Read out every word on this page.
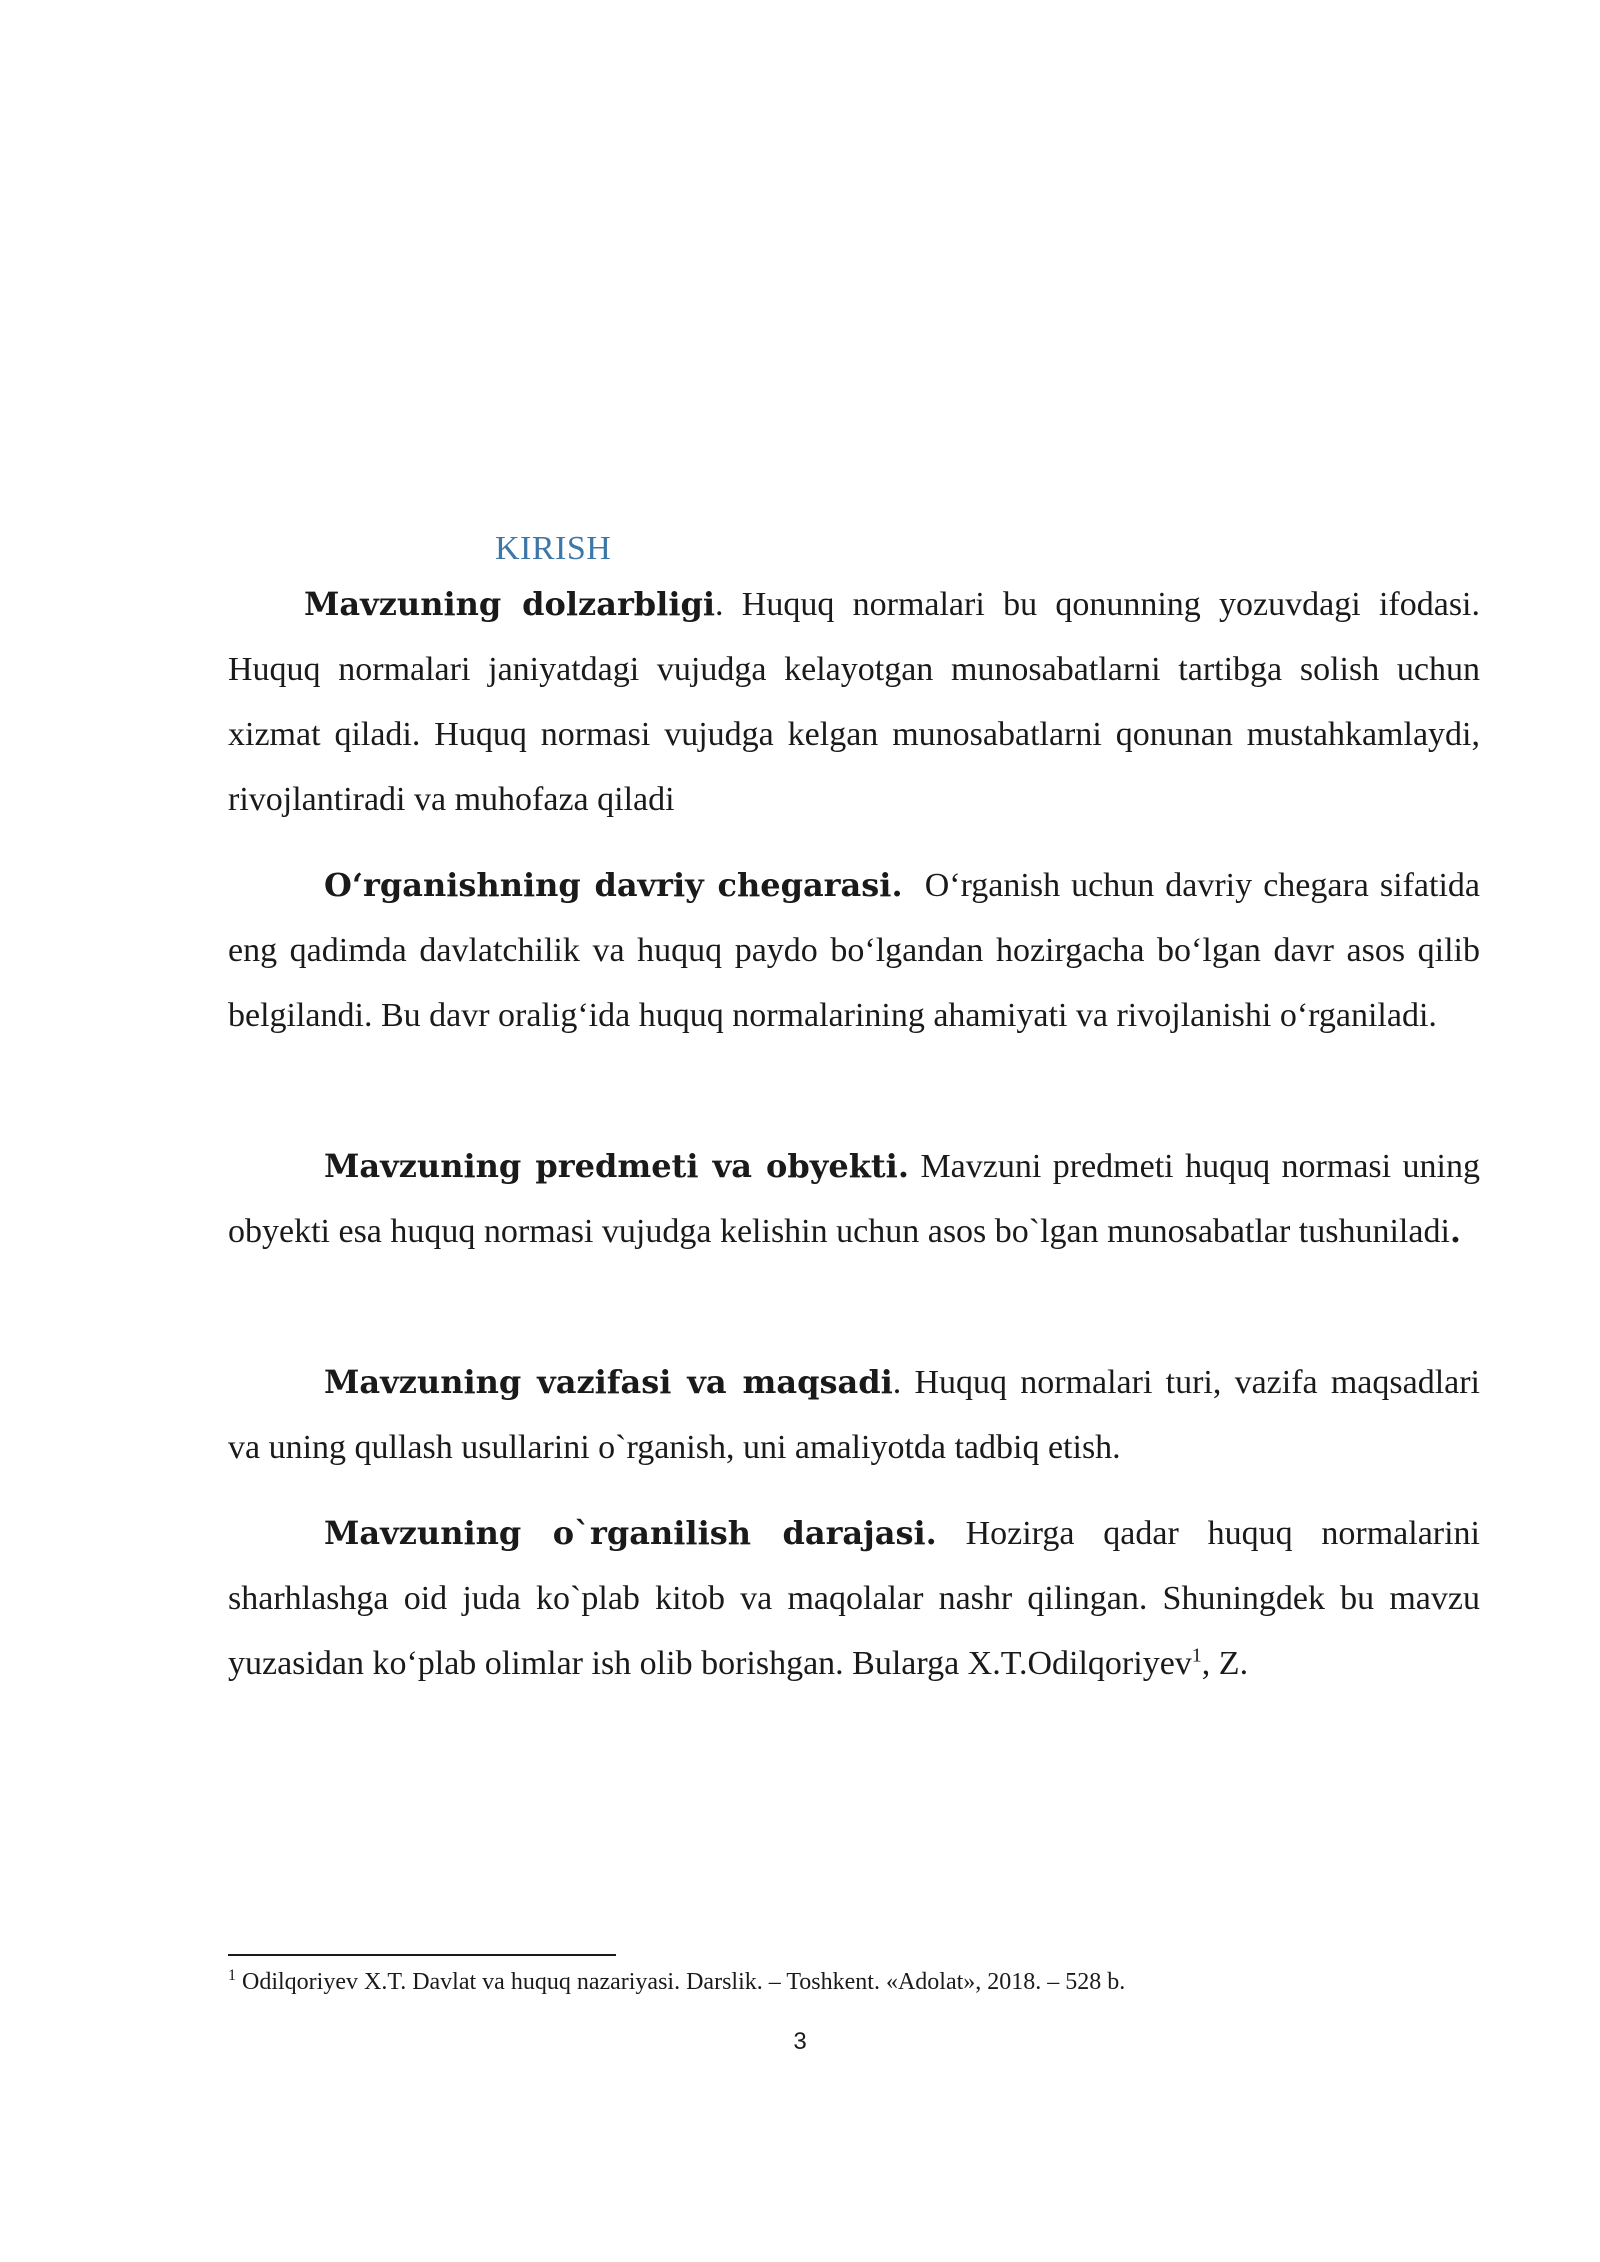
KIRISH

Mavzuning dolzarbligi. Huquq normalari bu qonunning yozuvdagi ifodasi. Huquq normalari janiyatdagi vujudga kelayotgan munosabatlarni tartibga solish uchun xizmat qiladi. Huquq normasi vujudga kelgan munosabatlarni qonunan mustahkamlaydi, rivojlantiradi va muhofaza qiladi

O‘rganishning davriy chegarasi.  O‘rganish uchun davriy chegara sifatida eng qadimda davlatchilik va huquq paydo bo‘lgandan hozirgacha bo‘lgan davr asos qilib belgilandi. Bu davr oralig‘ida huquq normalarining ahamiyati va rivojlanishi o‘rganiladi.

Mavzuning predmeti va obyekti. Mavzuni predmeti huquq normasi uning obyekti esa huquq normasi vujudga kelishin uchun asos bo`lgan munosabatlar tushuniladi.

Mavzuning vazifasi va maqsadi. Huquq normalari turi, vazifa maqsadlari va uning qullash usullarini o`rganish, uni amaliyotda tadbiq etish.

Mavzuning o`rganilish darajasi. Hozirga qadar huquq normalarini sharhlashga oid juda ko`plab kitob va maqolalar nashr qilingan. Shuningdek bu mavzu yuzasidan ko‘plab olimlar ish olib borishgan. Bularga X.T.Odilqoriyev$^1$, Z.

$^1$ Odilqoriyev X.T. Davlat va huquq nazariyasi. Darslik. – Toshkent. «Adolat», 2018. – 528 b.
3
